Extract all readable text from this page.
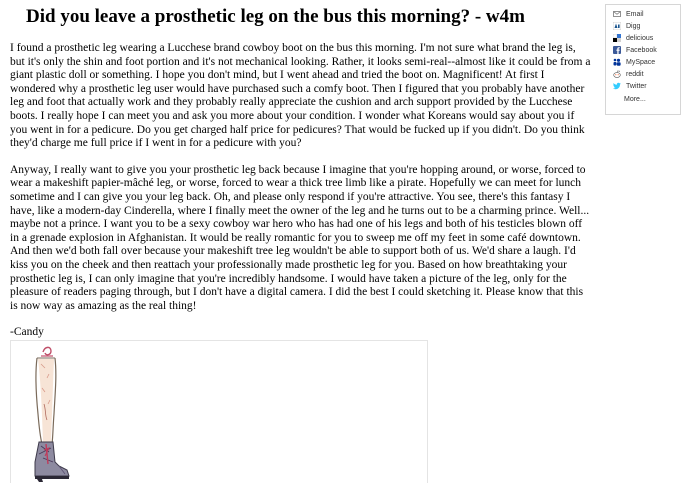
Did you leave a prosthetic leg on the bus this morning? - w4m	Email
Digg
delicious
Facebook
MySpace
reddit
Twitter
More...

I found a prosthetic leg wearing a Lucchese brand cowboy boot on the bus this morning. I'm not sure what brand the leg is, but it's only the shin and foot portion and it's not mechanical looking. Rather, it looks semi-real--almost like it could be from a giant plastic doll or something. I hope you don't mind, but I went ahead and tried the boot on. Magnificent! At first I wondered why a prosthetic leg user would have purchased such a comfy boot. Then I figured that you probably have another leg and foot that actually work and they probably really appreciate the cushion and arch support provided by the Lucchese boots. I really hope I can meet you and ask you more about your condition. I wonder what Koreans would say about you if you went in for a pedicure. Do you get charged half price for pedicures? That would be fucked up if you didn't. Do you think they'd charge me full price if I went in for a pedicure with you?

Anyway, I really want to give you your prosthetic leg back because I imagine that you're hopping around, or worse, forced to wear a makeshift papier-mâché leg, or worse, forced to wear a thick tree limb like a pirate. Hopefully we can meet for lunch sometime and I can give you your leg back. Oh, and please only respond if you're attractive. You see, there's this fantasy I have, like a modern-day Cinderella, where I finally meet the owner of the leg and he turns out to be a charming prince. Well... maybe not a prince. I want you to be a sexy cowboy war hero who has had one of his legs and both of his testicles blown off in a grenade explosion in Afghanistan. It would be really romantic for you to sweep me off my feet in some café downtown. And then we'd both fall over because your makeshift tree leg wouldn't be able to support both of us. We'd share a laugh. I'd kiss you on the cheek and then reattach your professionally made prosthetic leg for you. Based on how breathtaking your prosthetic leg is, I can only imagine that you're incredibly handsome. I would have taken a picture of the leg, only for the pleasure of readers paging through, but I don't have a digital camera. I did the best I could sketching it. Please know that this is now way as amazing as the real thing!

-Candy

•
•
